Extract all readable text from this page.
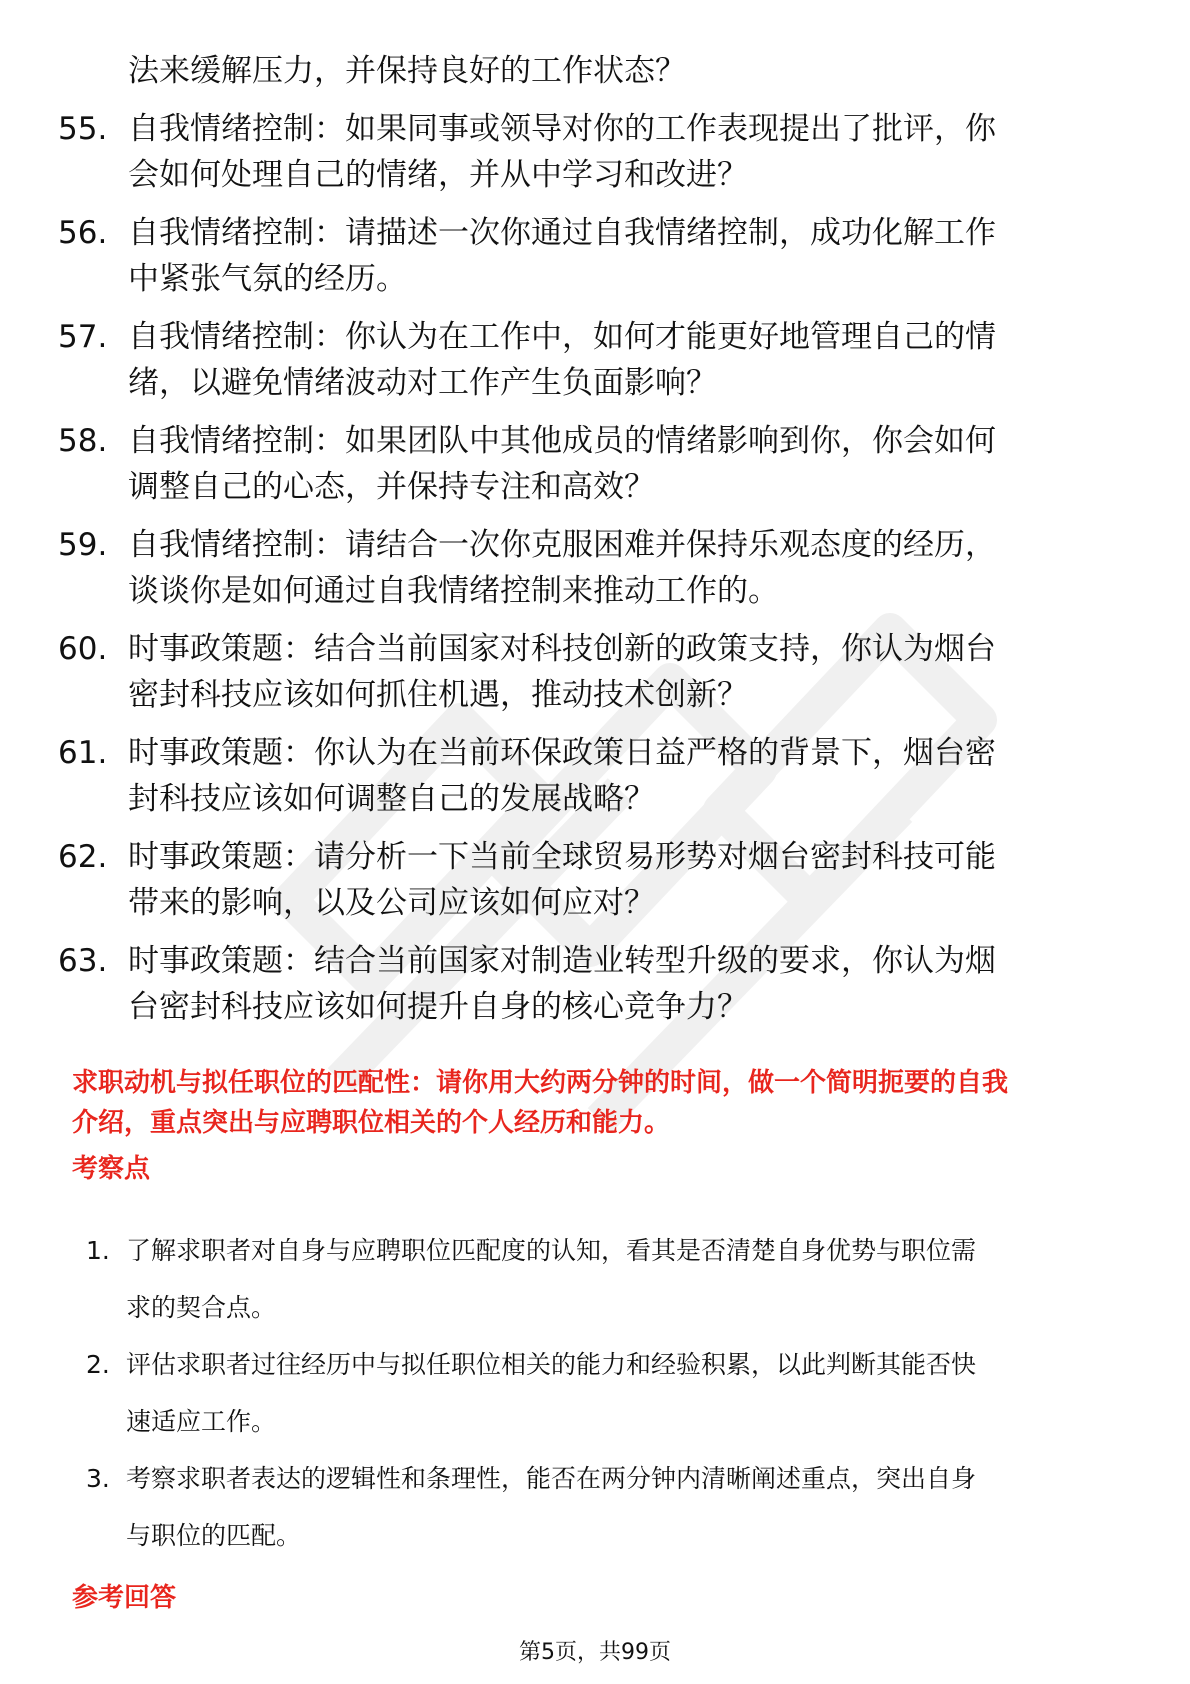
法来缓解压力，并保持良好的工作状态？
55. 自我情绪控制：如果同事或领导对你的工作表现提出了批评，你
会如何处理自己的情绪，并从中学习和改进？
56. 自我情绪控制：请描述一次你通过自我情绪控制，成功化解工作
中紧张气氛的经历。
57. 自我情绪控制：你认为在工作中，如何才能更好地管理自己的情
绪，以避免情绪波动对工作产生负面影响？
58. 自我情绪控制：如果团队中其他成员的情绪影响到你，你会如何
调整自己的心态，并保持专注和高效？
59. 自我情绪控制：请结合一次你克服困难并保持乐观态度的经历，
谈谈你是如何通过自我情绪控制来推动工作的。
60. 时事政策题：结合当前国家对科技创新的政策支持，你认为烟台
密封科技应该如何抓住机遇，推动技术创新？
61. 时事政策题：你认为在当前环保政策日益严格的背景下，烟台密
封科技应该如何调整自己的发展战略？
62. 时事政策题：请分析一下当前全球贸易形势对烟台密封科技可能
带来的影响，以及公司应该如何应对？
63. 时事政策题：结合当前国家对制造业转型升级的要求，你认为烟
台密封科技应该如何提升自身的核心竞争力？
求职动机与拟任职位的匹配性：请你用大约两分钟的时间，做一个简明扼要的自我
介绍，重点突出与应聘职位相关的个人经历和能力。
考察点
1. 了解求职者对自身与应聘职位匹配度的认知，看其是否清楚自身优势与职位需
求的契合点。
2. 评估求职者过往经历中与拟任职位相关的能力和经验积累，以此判断其能否快
速适应工作。
3. 考察求职者表达的逻辑性和条理性，能否在两分钟内清晰阐述重点，突出自身
与职位的匹配。
参考回答
第5页，共99页
